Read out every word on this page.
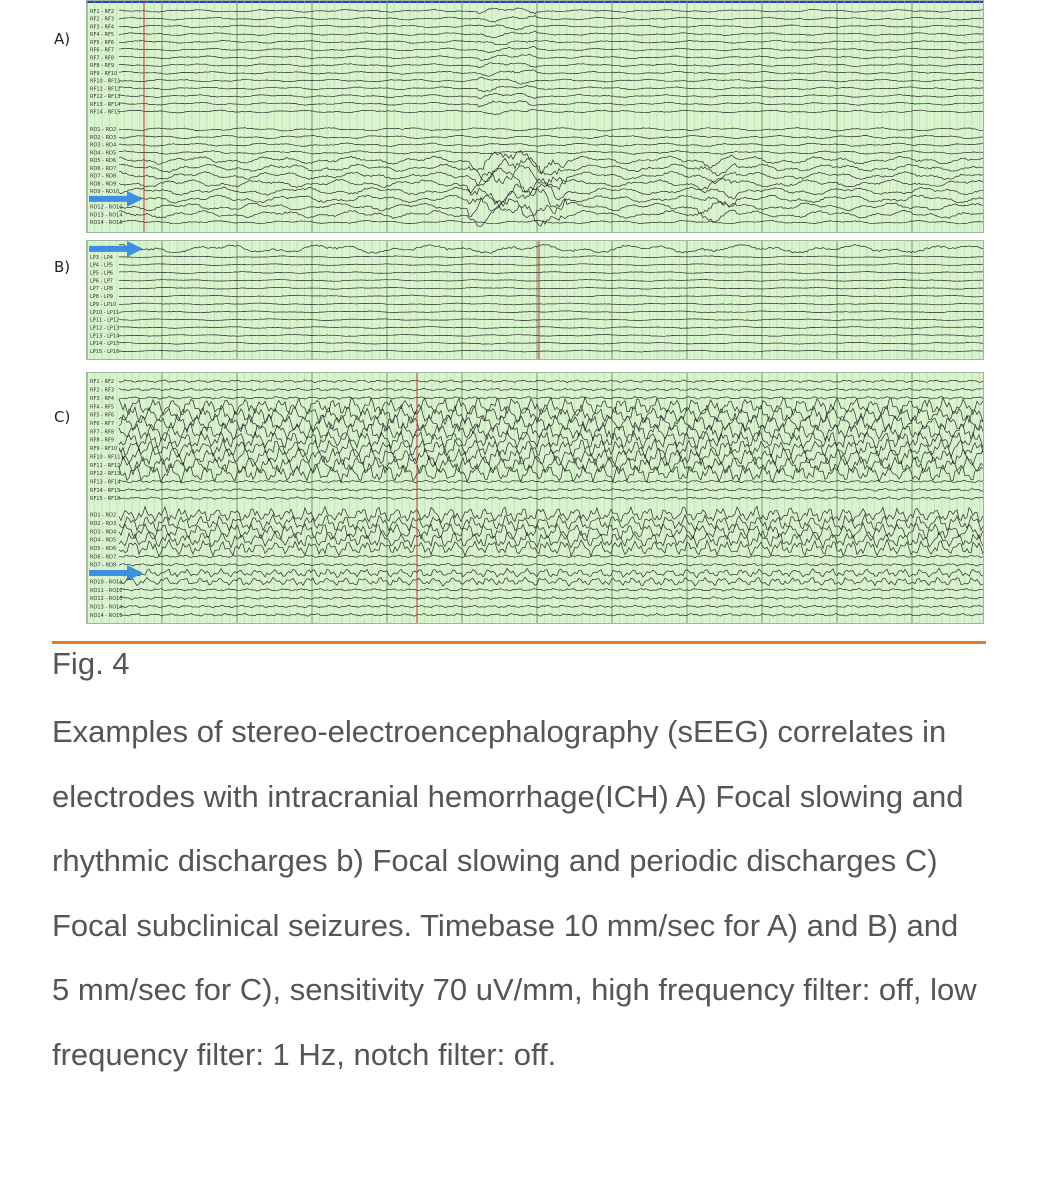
A)
RF1 - RF2
RF2 - RF3
RF3 - RF4
RF4 - RF5
RF5 - RF6
RF6 - RF7
RF7 - RF8
RF8 - RF9
RF9 - RF10
RF10 - RF11
RF11 - RF12
RF12 - RF13
RF13 - RF14
RF14 - RF15
RO1 - RO2
RO2 - RO3
RO3 - RO4
RO4 - RO5
RO5 - RO6
RO6 - RO7
RO7 - RO8
RO8 - RO9
RO9 - RO10
RO12 - RO13
RO13 - RO14
RO14 - RO15
B)
LP3 - LP4
LP4 - LP5
LP5 - LP6
LP6 - LP7
LP7 - LP8
LP8 - LP9
LP9 - LP10
LP10 - LP11
LP11 - LP12
LP12 - LP13
LP13 - LP14
LP14 - LP15
LP15 - LP16
C)
RF1 - RF2
RF2 - RF3
RF3 - RF4
RF4 - RF5
RF5 - RF6
RF6 - RF7
RF7 - RF8
RF8 - RF9
RF9 - RF10
RF10 - RF11
RF11 - RF12
RF12 - RF13
RF13 - RF14
RF14 - RF15
RF15 - RF16
RO1 - RO2
RO2 - RO3
RO3 - RO4
RO4 - RO5
RO5 - RO6
RO6 - RO7
RO7 - RO8
RO10 - RO11
RO11 - RO12
RO12 - RO13
RO13 - RO14
RO14 - RO15
Fig. 4
Examples of stereo-electroencephalography (sEEG) correlates in electrodes with intracranial hemorrhage(ICH) A) Focal slowing and rhythmic discharges b) Focal slowing and periodic discharges C) Focal subclinical seizures. Timebase 10 mm/sec for A) and B) and 5 mm/sec for C), sensitivity 70 uV/mm, high frequency filter: off, low frequency filter: 1 Hz, notch filter: off.
